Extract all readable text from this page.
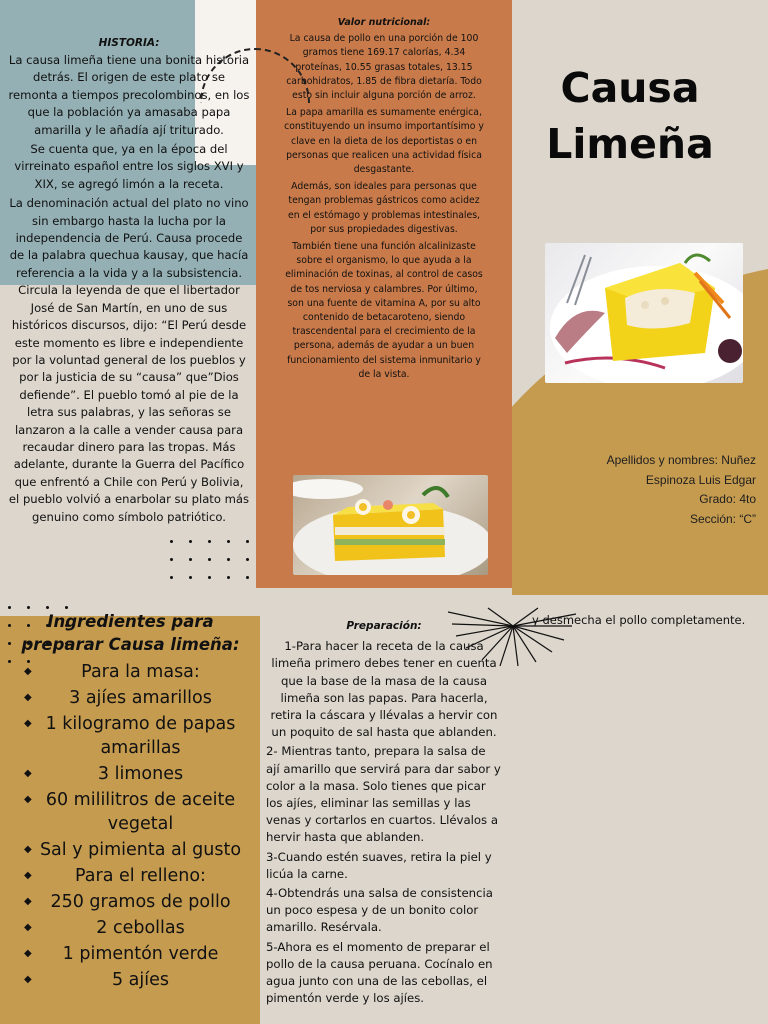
HISTORIA:

La causa limeña tiene una bonita historia detrás. El origen de este plato se remonta a tiempos precolombinos, en los que la población ya amasaba papa amarilla y le añadía ají triturado.

Se cuenta que, ya en la época del virreinato español entre los siglos XVI y XIX, se agregó limón a la receta.

La denominación actual del plato no vino sin embargo hasta la lucha por la independencia de Perú. Causa procede de la palabra quechua kausay, que hacía referencia a la vida y a la subsistencia. Circula la leyenda de que el libertador José de San Martín, en uno de sus históricos discursos, dijo: “El Perú desde este momento es libre e independiente por la voluntad general de los pueblos y por la justicia de su “causa” que”Dios defiende”. El pueblo tomó al pie de la letra sus palabras, y las señoras se lanzaron a la calle a vender causa para recaudar dinero para las tropas. Más adelante, durante la Guerra del Pacífico que enfrentó a Chile con Perú y Bolivia, el pueblo volvió a enarbolar su plato más genuino como símbolo patriótico.

Valor nutricional:

La causa de pollo en una porción de 100 gramos tiene 169.17 calorías, 4.34

proteínas, 10.55 grasas totales, 13.15 carbohidratos, 1.85 de fibra dietaría. Todo esto sin incluir alguna porción de arroz.

La papa amarilla es sumamente enérgica, constituyendo un insumo importantísimo y clave en la dieta de los deportistas o en personas que realicen una actividad física desgastante.

Además, son ideales para personas que tengan problemas gástricos como acidez en el estómago y problemas intestinales, por sus propiedades digestivas.

También tiene una función alcalinizaste sobre el organismo, lo que ayuda a la eliminación de toxinas, al control de casos de tos nerviosa y calambres. Por último, son una fuente de vitamina A, por su alto contenido de betacaroteno, siendo trascendental para el crecimiento de la persona, además de ayudar a un buen funcionamiento del sistema inmunitario y de la vista.

Causa
Limeña
Apellidos y nombres: Nuñez
Espinoza Luis Edgar
Grado: 4to
Sección: “C”
Ingredientes para preparar Causa limeña:
◆ Para la masa:
◆ 3 ajíes amarillos
◆ 1 kilogramo de papas amarillas
◆ 3 limones
◆ 60 mililitros de aceite vegetal
◆ Sal y pimienta al gusto
◆ Para el relleno:
◆ 250 gramos de pollo
◆ 2 cebollas
◆ 1 pimentón verde
◆ 5 ajíes
Preparación:

1-Para hacer la receta de la causa limeña primero debes tener en cuenta que la base de la masa de la causa limeña son las papas. Para hacerla, retira la cáscara y llévalas a hervir con un poquito de sal hasta que ablanden.

2- Mientras tanto, prepara la salsa de ají amarillo que servirá para dar sabor y color a la masa. Solo tienes que picar los ajíes, eliminar las semillas y las venas y cortarlos en cuartos. Llévalos a hervir hasta que ablanden.

3-Cuando estén suaves, retira la piel y licúa la carne.

4-Obtendrás una salsa de consistencia un poco espesa y de un bonito color amarillo. Resérvala.

5-Ahora es el momento de preparar el pollo de la causa peruana. Cocínalo en agua junto con una de las cebollas, el pimentón verde y los ajíes.

y desmecha el pollo completamente.
